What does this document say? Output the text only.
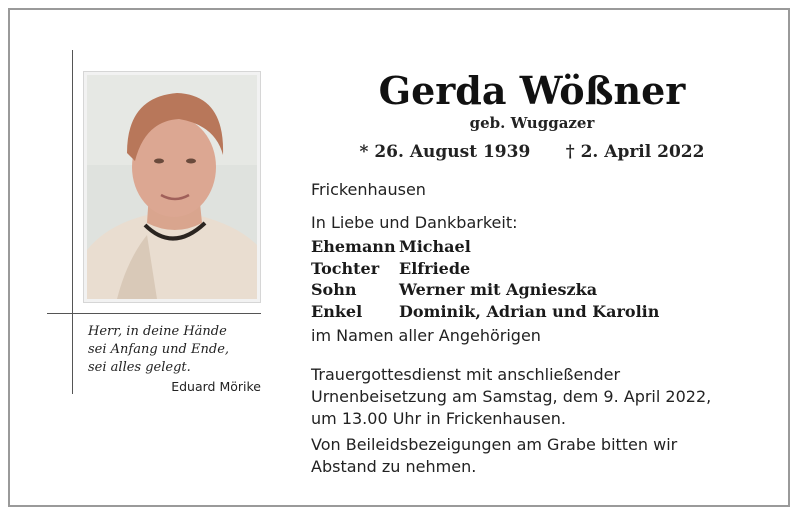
Herr, in deine Hände
sei Anfang und Ende,
sei alles gelegt.
Eduard Mörike
Gerda Wößner
geb. Wuggazer
* 26. August 1939      † 2. April 2022
Frickenhausen
In Liebe und Dankbarkeit:
Ehemann Michael
Tochter Elfriede
Sohn	Werner mit Agnieszka
Enkel Dominik, Adrian und Karolin
im Namen aller Angehörigen
Trauergottesdienst mit anschließender
Urnenbeisetzung am Samstag, dem 9. April 2022,
um 13.00 Uhr in Frickenhausen.
Von Beileidsbezeigungen am Grabe bitten wir
Abstand zu nehmen.
